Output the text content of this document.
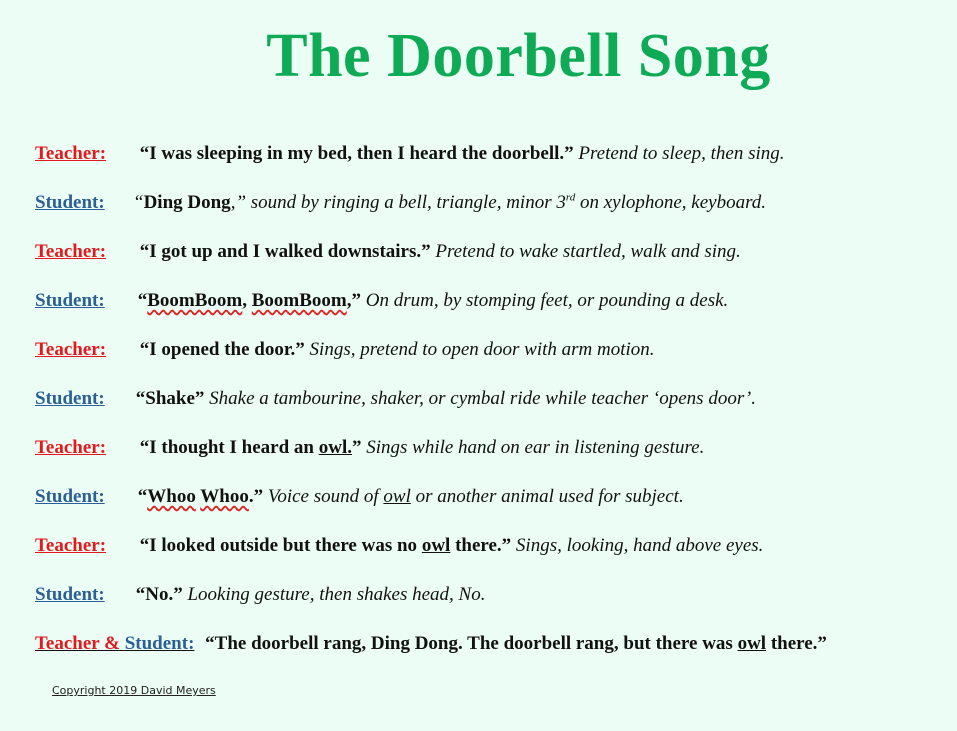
The Doorbell Song
Teacher: “I was sleeping in my bed, then I heard the doorbell.” Pretend to sleep, then sing.
Student: “Ding Dong,” sound by ringing a bell, triangle, minor 3rd on xylophone, keyboard.
Teacher: “I got up and I walked downstairs.” Pretend to wake startled, walk and sing.
Student: “BoomBoom, BoomBoom,” On drum, by stomping feet, or pounding a desk.
Teacher: “I opened the door.” Sings, pretend to open door with arm motion.
Student: “Shake” Shake a tambourine, shaker, or cymbal ride while teacher ‘opens door’.
Teacher: “I thought I heard an owl.” Sings while hand on ear in listening gesture.
Student: “Whoo Whoo.” Voice sound of owl or another animal used for subject.
Teacher: “I looked outside but there was no owl there.” Sings, looking, hand above eyes.
Student: “No.” Looking gesture, then shakes head, No.
Teacher & Student: “The doorbell rang, Ding Dong. The doorbell rang, but there was owl there.”
Copyright 2019 David Meyers
